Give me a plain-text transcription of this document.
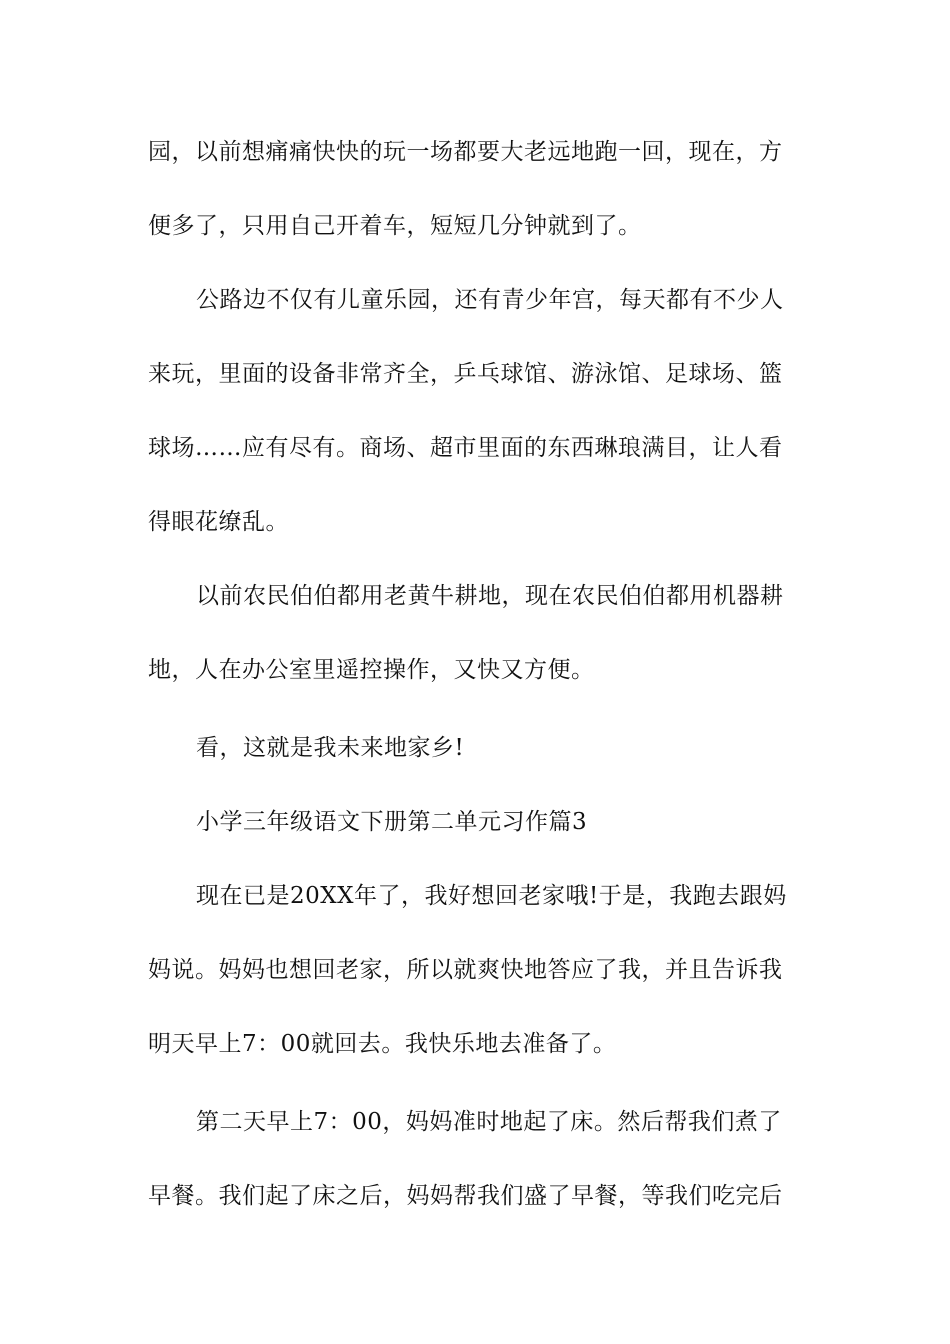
园，以前想痛痛快快的玩一场都要大老远地跑一回，现在，方
便多了，只用自己开着车，短短几分钟就到了。
公路边不仅有儿童乐园，还有青少年宫，每天都有不少人
来玩，里面的设备非常齐全，乒乓球馆、游泳馆、足球场、篮
球场……应有尽有。商场、超市里面的东西琳琅满目，让人看
得眼花缭乱。
以前农民伯伯都用老黄牛耕地，现在农民伯伯都用机器耕
地，人在办公室里遥控操作，又快又方便。
看，这就是我未来地家乡!
小学三年级语文下册第二单元习作篇3
现在已是20XX年了，我好想回老家哦!于是，我跑去跟妈
妈说。妈妈也想回老家，所以就爽快地答应了我，并且告诉我
明天早上7：00就回去。我快乐地去准备了。
第二天早上7：00，妈妈准时地起了床。然后帮我们煮了
早餐。我们起了床之后，妈妈帮我们盛了早餐，等我们吃完后
